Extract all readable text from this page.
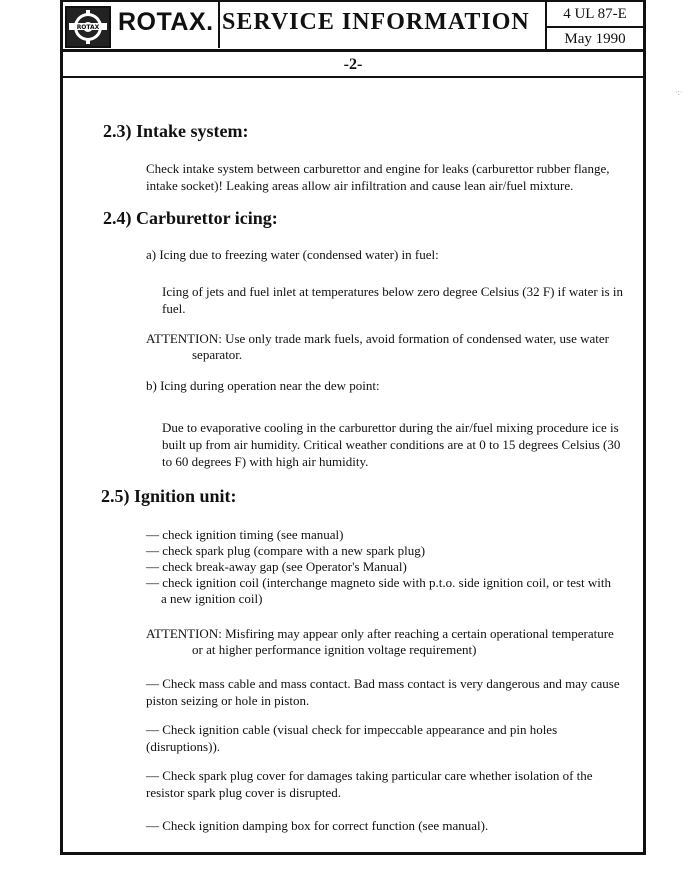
ROTAX ROTAX. SERVICE INFORMATION	4 UL 87-E
May 1990
-2-
·:·
2.3) Intake system:
Check intake system between carburettor and engine for leaks (carburettor rubber flange, intake socket)! Leaking areas allow air infiltration and cause lean air/fuel mixture.
2.4) Carburettor icing:
a) Icing due to freezing water (condensed water) in fuel:
Icing of jets and fuel inlet at temperatures below zero degree Celsius (32 F) if water is in fuel.
ATTENTION: Use only trade mark fuels, avoid formation of condensed water, use water
separator.
b) Icing during operation near the dew point:
Due to evaporative cooling in the carburettor during the air/fuel mixing procedure ice is built up from air humidity. Critical weather conditions are at 0 to 15 degrees Celsius (30 to 60 degrees F) with high air humidity.
2.5) Ignition unit:
— check ignition timing (see manual)
— check spark plug (compare with a new spark plug)
— check break-away gap (see Operator's Manual)
— check ignition coil (interchange magneto side with p.t.o. side ignition coil, or test with
a new ignition coil)
ATTENTION: Misfiring may appear only after reaching a certain operational temperature
or at higher performance ignition voltage requirement)
— Check mass cable and mass contact. Bad mass contact is very dangerous and may cause piston seizing or hole in piston.
— Check ignition cable (visual check for impeccable appearance and pin holes (disruptions)).
— Check spark plug cover for damages taking particular care whether isolation of the resistor spark plug cover is disrupted.
— Check ignition damping box for correct function (see manual).
